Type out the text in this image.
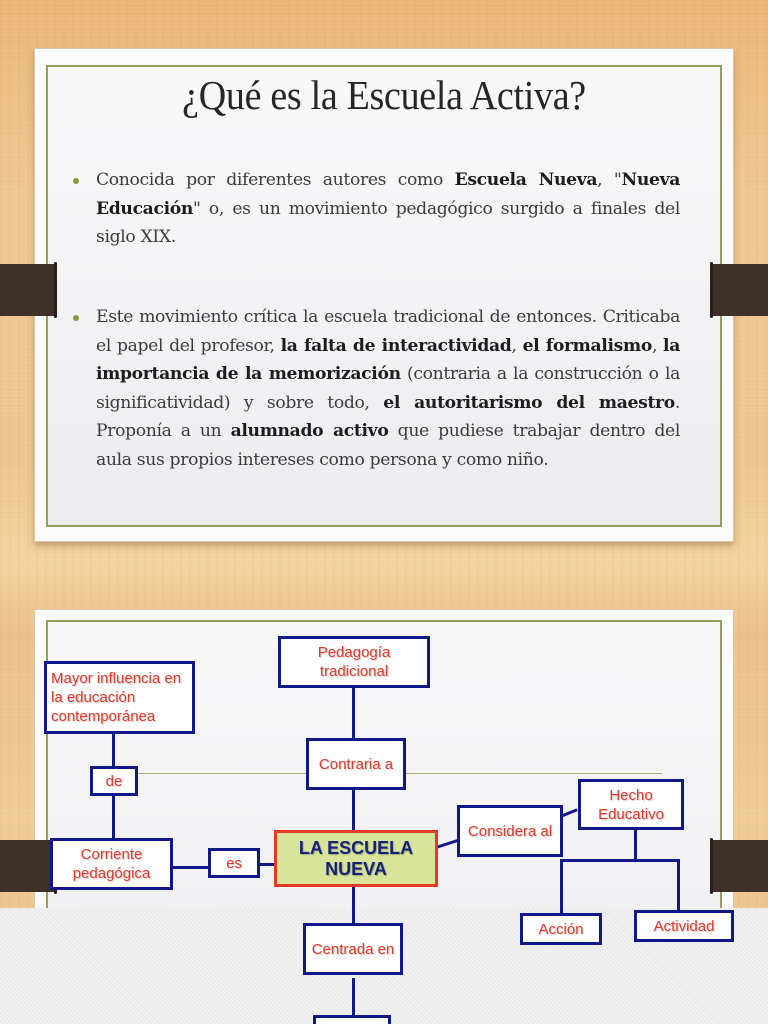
¿Qué es la Escuela Activa?
Conocida por diferentes autores como Escuela Nueva, "Nueva Educación" o, es un movimiento pedagógico surgido a finales del siglo XIX.
Este movimiento crítica la escuela tradicional de entonces. Criticaba el papel del profesor, la falta de interactividad, el formalismo, la importancia de la memorización (contraria a la construcción o la significatividad) y sobre todo, el autoritarismo del maestro. Proponía a un alumnado activo que pudiese trabajar dentro del aula sus propios intereses como persona y como niño.
Pedagogía tradicional
Mayor influencia en la educación contemporánea
Contraria a
de
Hecho Educativo
Considera al
LA ESCUELA NUEVA
Corriente pedagógica
es
Acción	Actividad
Centrada en
